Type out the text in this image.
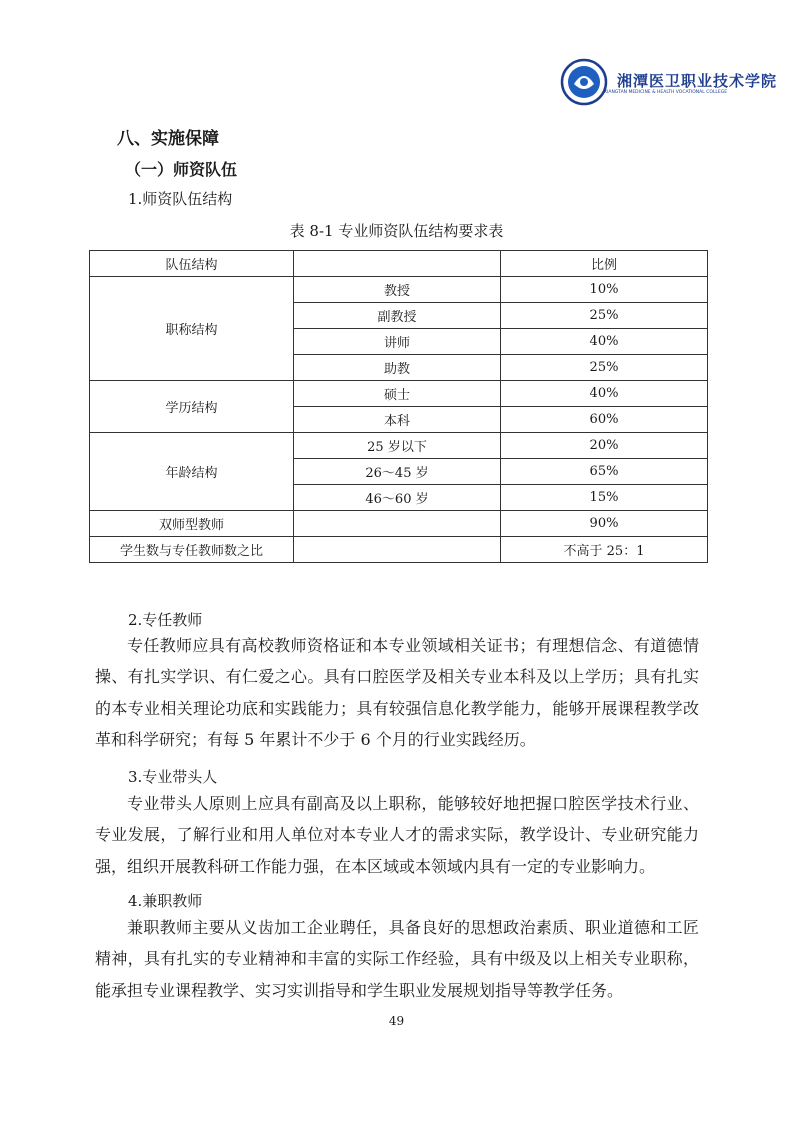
湘潭医卫职业技术学院
XIANGTAN MEDICINE & HEALTH VOCATIONAL COLLEGE
八、实施保障
（一）师资队伍
1.师资队伍结构
表 8-1 专业师资队伍结构要求表
队伍结构		比例
职称结构	教授	10%
	副教授	25%
	讲师	40%
	助教	25%
学历结构	硕士	40%
	本科	60%
年龄结构	25 岁以下	20%
	26～45 岁	65%
	46～60 岁	15%
双师型教师		90%
学生数与专任教师数之比		不高于 25：1
2.专任教师

专任教师应具有高校教师资格证和本专业领域相关证书；有理想信念、有道德情操、有扎实学识、有仁爱之心。具有口腔医学及相关专业本科及以上学历；具有扎实的本专业相关理论功底和实践能力；具有较强信息化教学能力，能够开展课程教学改革和科学研究；有每 5 年累计不少于 6 个月的行业实践经历。

3.专业带头人

专业带头人原则上应具有副高及以上职称，能够较好地把握口腔医学技术行业、专业发展，了解行业和用人单位对本专业人才的需求实际，教学设计、专业研究能力强，组织开展教科研工作能力强，在本区域或本领域内具有一定的专业影响力。

4.兼职教师

兼职教师主要从义齿加工企业聘任，具备良好的思想政治素质、职业道德和工匠精神，具有扎实的专业精神和丰富的实际工作经验，具有中级及以上相关专业职称，能承担专业课程教学、实习实训指导和学生职业发展规划指导等教学任务。

49
